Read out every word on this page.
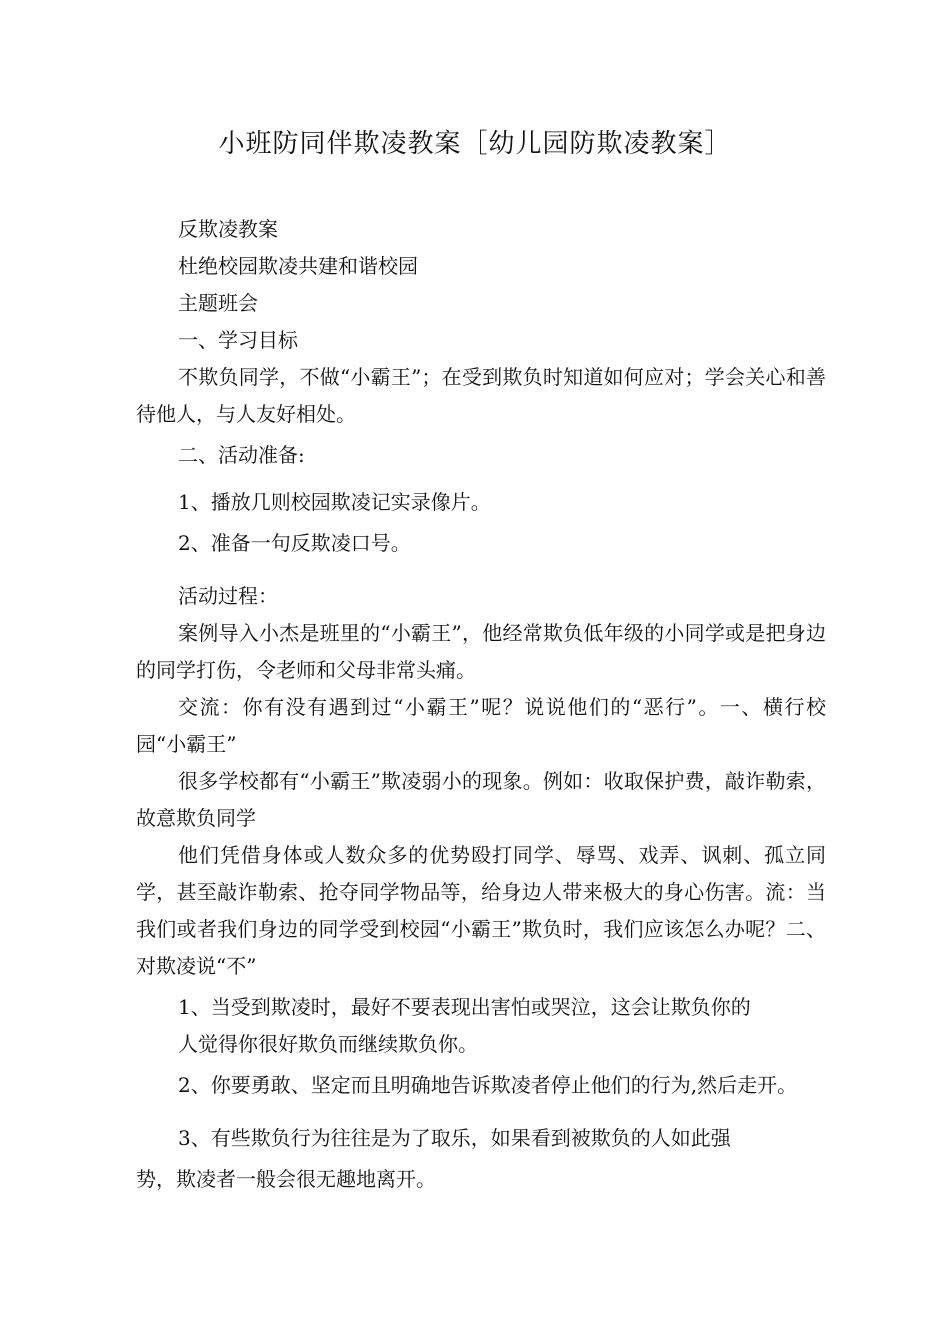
小班防同伴欺凌教案［幼儿园防欺凌教案］

反欺凌教案

杜绝校园欺凌共建和谐校园

主题班会

一、学习目标

不欺负同学，不做“小霸王”；在受到欺负时知道如何应对；学会关心和善待他人，与人友好相处。

二、活动准备:

1、播放几则校园欺凌记实录像片。

2、准备一句反欺凌口号。

活动过程：

案例导入小杰是班里的“小霸王”，他经常欺负低年级的小同学或是把身边的同学打伤，令老师和父母非常头痛。

交流：你有没有遇到过“小霸王”呢？说说他们的“恶行”。一、横行校园“小霸王”

很多学校都有“小霸王”欺凌弱小的现象。例如：收取保护费，敲诈勒索，故意欺负同学

他们凭借身体或人数众多的优势殴打同学、辱骂、戏弄、讽刺、孤立同学，甚至敲诈勒索、抢夺同学物品等，给身边人带来极大的身心伤害。流：当我们或者我们身边的同学受到校园“小霸王”欺负时，我们应该怎么办呢？二、对欺凌说“不”

1、当受到欺凌时，最好不要表现出害怕或哭泣，这会让欺负你的

人觉得你很好欺负而继续欺负你。

2、你要勇敢、坚定而且明确地告诉欺凌者停止他们的行为,然后走开。

3、有些欺负行为往往是为了取乐，如果看到被欺负的人如此强

势，欺凌者一般会很无趣地离开。
